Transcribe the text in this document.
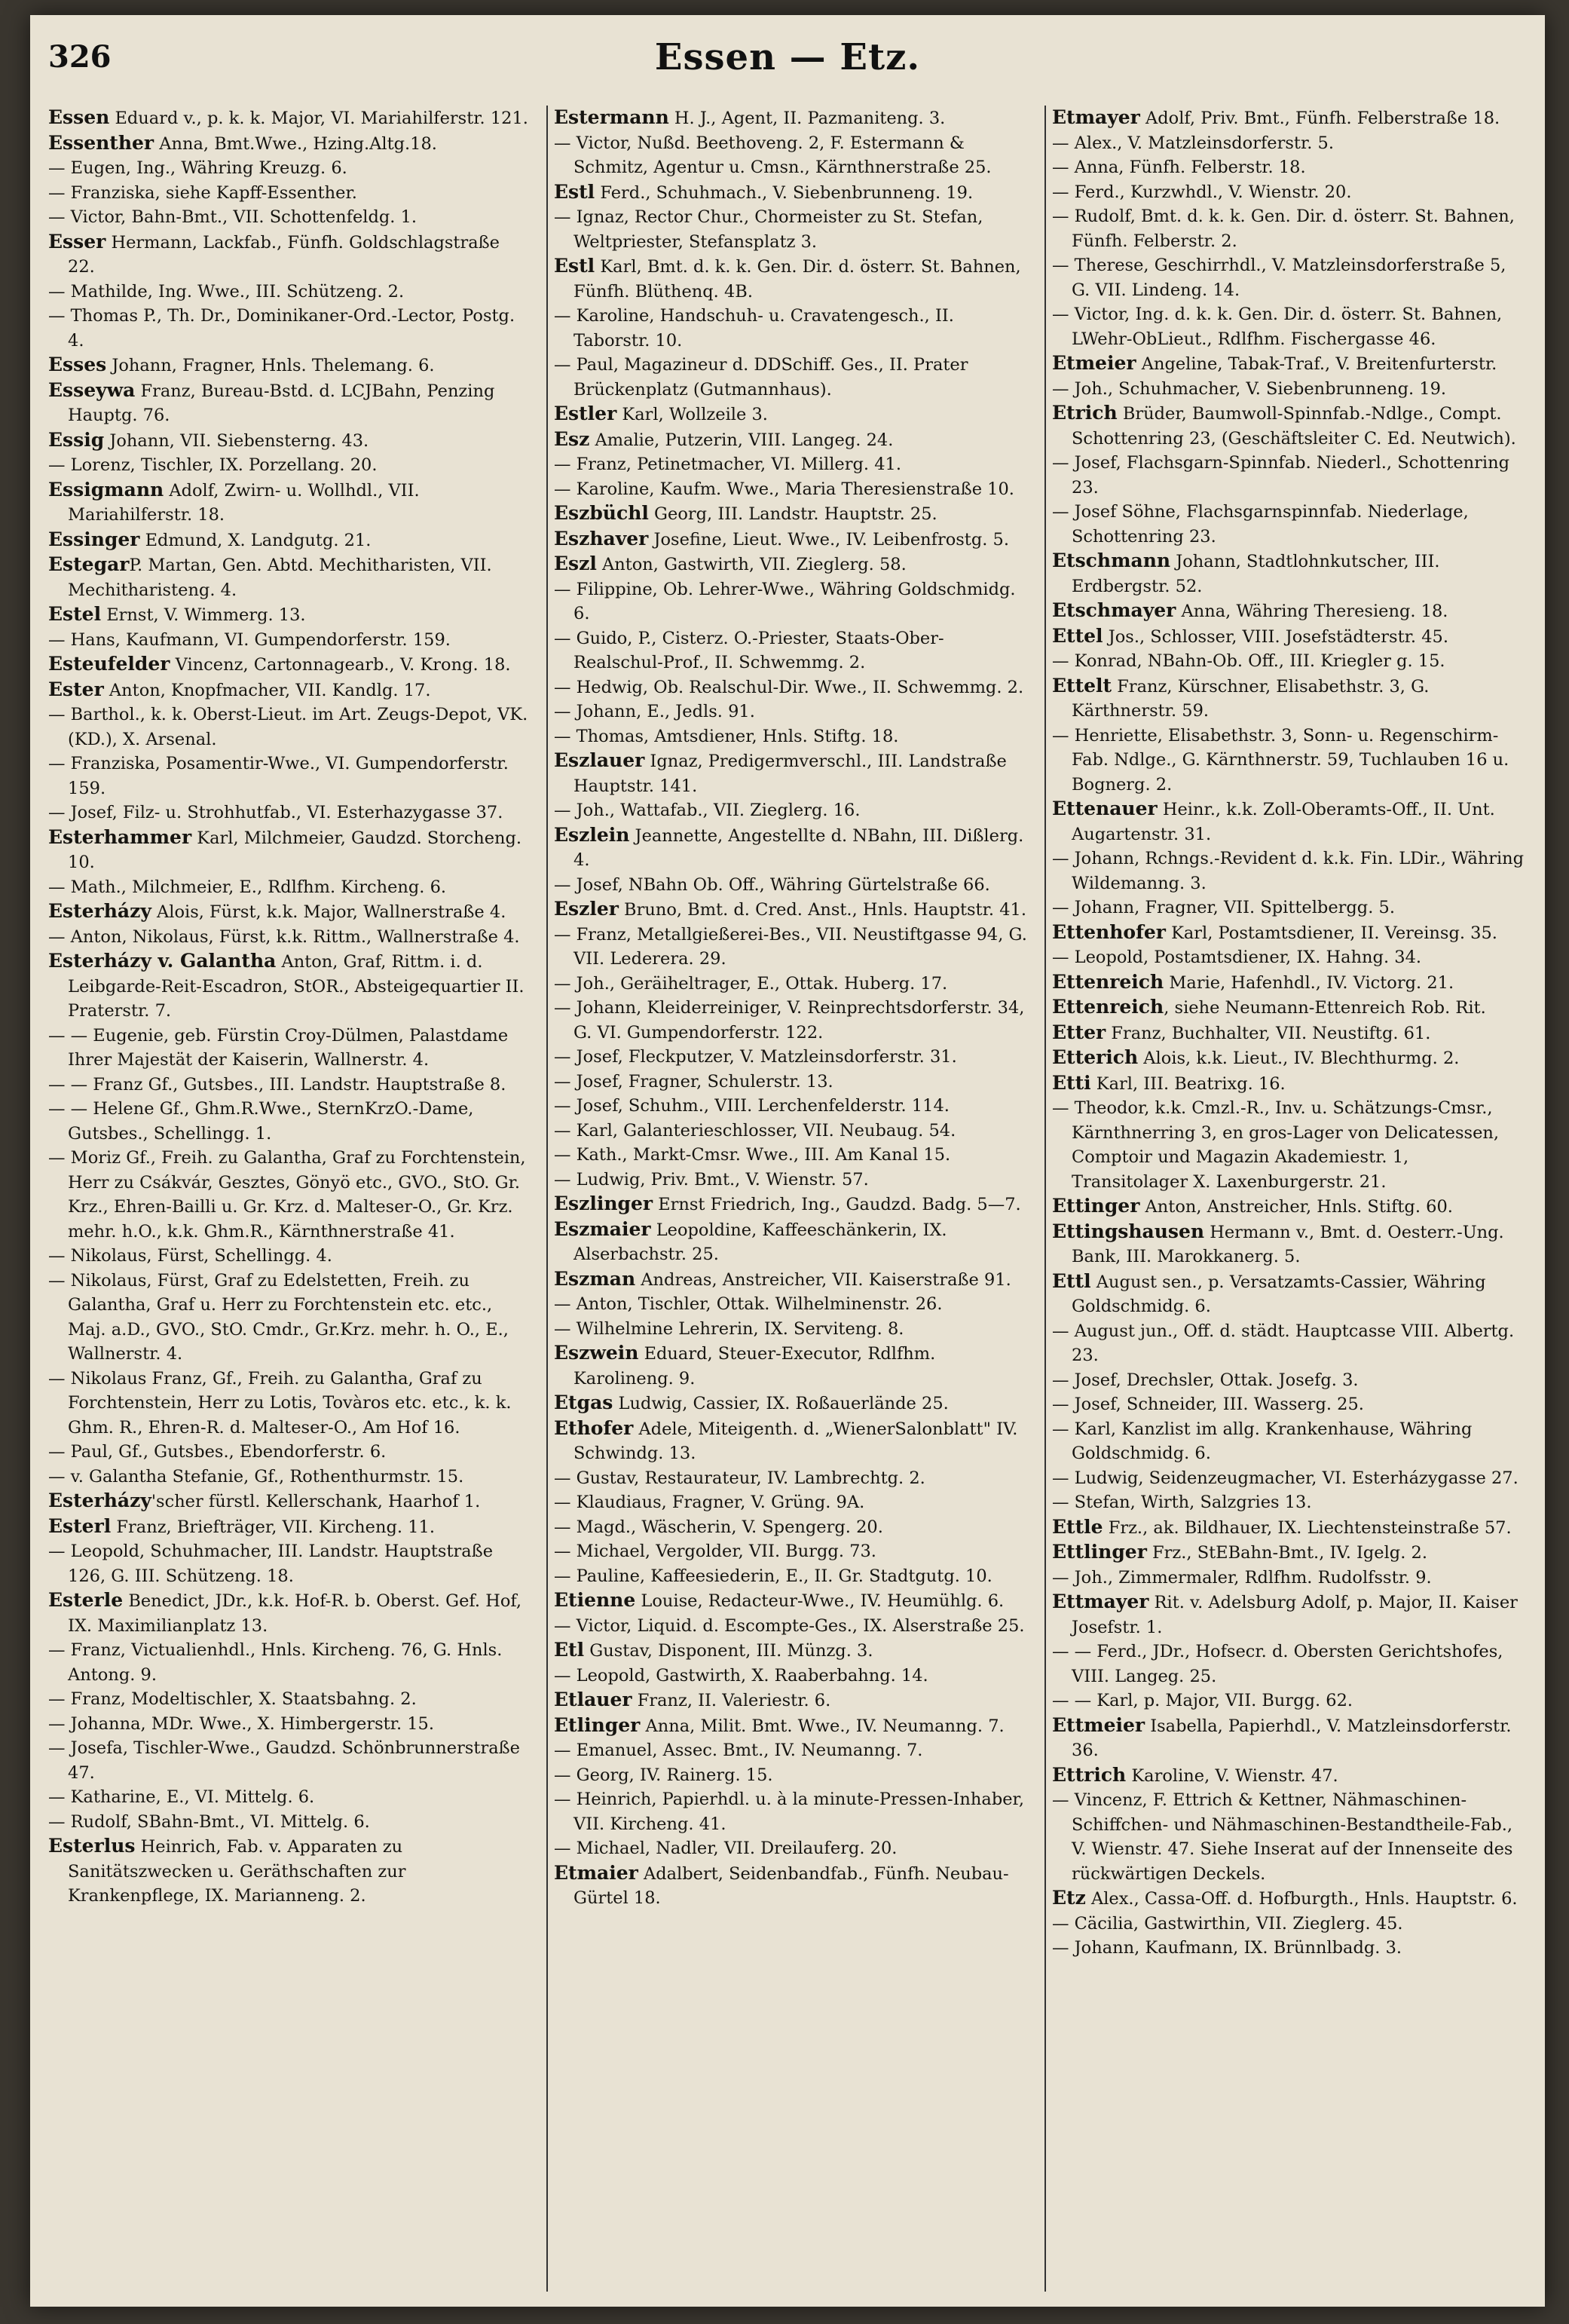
326	Essen — Etz.

Essen Eduard v., p. k. k. Major, VI. Mariahilferstr. 121.

Essenther Anna, Bmt.Wwe., Hzing.Altg.18.

— Eugen, Ing., Währing Kreuzg. 6.

— Franziska, siehe Kapff-Essenther.

— Victor, Bahn-Bmt., VII. Schottenfeldg. 1.

Esser Hermann, Lackfab., Fünfh. Goldschlagstraße 22.

— Mathilde, Ing. Wwe., III. Schützeng. 2.

— Thomas P., Th. Dr., Dominikaner-Ord.-Lector, Postg. 4.

Esses Johann, Fragner, Hnls. Thelemang. 6.

Esseywa Franz, Bureau-Bstd. d. LCJBahn, Penzing Hauptg. 76.

Essig Johann, VII. Siebensterng. 43.

— Lorenz, Tischler, IX. Porzellang. 20.

Essigmann Adolf, Zwirn- u. Wollhdl., VII. Mariahilferstr. 18.

Essinger Edmund, X. Landgutg. 21.

EstegarP. Martan, Gen. Abtd. Mechitharisten, VII. Mechitharisteng. 4.

Estel Ernst, V. Wimmerg. 13.

— Hans, Kaufmann, VI. Gumpendorferstr. 159.

Esteufelder Vincenz, Cartonnagearb., V. Krong. 18.

Ester Anton, Knopfmacher, VII. Kandlg. 17.

— Barthol., k. k. Oberst-Lieut. im Art. Zeugs-Depot, VK. (KD.), X. Arsenal.

— Franziska, Posamentir-Wwe., VI. Gumpendorferstr. 159.

— Josef, Filz- u. Strohhutfab., VI. Esterhazygasse 37.

Esterhammer Karl, Milchmeier, Gaudzd. Storcheng. 10.

— Math., Milchmeier, E., Rdlfhm. Kircheng. 6.

Esterházy Alois, Fürst, k.k. Major, Wallnerstraße 4.

— Anton, Nikolaus, Fürst, k.k. Rittm., Wallnerstraße 4.

Esterházy v. Galantha Anton, Graf, Rittm. i. d. Leibgarde-Reit-Escadron, StOR., Absteigequartier II. Praterstr. 7.

— — Eugenie, geb. Fürstin Croy-Dülmen, Palastdame Ihrer Majestät der Kaiserin, Wallnerstr. 4.

— — Franz Gf., Gutsbes., III. Landstr. Hauptstraße 8.

— — Helene Gf., Ghm.R.Wwe., SternKrzO.-Dame, Gutsbes., Schellingg. 1.

— Moriz Gf., Freih. zu Galantha, Graf zu Forchtenstein, Herr zu Csákvár, Gesztes, Gönyö etc., GVO., StO. Gr. Krz., Ehren-Bailli u. Gr. Krz. d. Malteser-O., Gr. Krz. mehr. h.O., k.k. Ghm.R., Kärnthnerstraße 41.

— Nikolaus, Fürst, Schellingg. 4.

— Nikolaus, Fürst, Graf zu Edelstetten, Freih. zu Galantha, Graf u. Herr zu Forchtenstein etc. etc., Maj. a.D., GVO., StO. Cmdr., Gr.Krz. mehr. h. O., E., Wallnerstr. 4.

— Nikolaus Franz, Gf., Freih. zu Galantha, Graf zu Forchtenstein, Herr zu Lotis, Tovàros etc. etc., k. k. Ghm. R., Ehren-R. d. Malteser-O., Am Hof 16.

— Paul, Gf., Gutsbes., Ebendorferstr. 6.

— v. Galantha Stefanie, Gf., Rothenthurmstr. 15.

Esterházy'scher fürstl. Kellerschank, Haarhof 1.

Esterl Franz, Briefträger, VII. Kircheng. 11.

— Leopold, Schuhmacher, III. Landstr. Hauptstraße 126, G. III. Schützeng. 18.

Esterle Benedict, JDr., k.k. Hof-R. b. Oberst. Gef. Hof, IX. Maximilianplatz 13.

— Franz, Victualienhdl., Hnls. Kircheng. 76, G. Hnls. Antong. 9.

— Franz, Modeltischler, X. Staatsbahng. 2.

— Johanna, MDr. Wwe., X. Himbergerstr. 15.

— Josefa, Tischler-Wwe., Gaudzd. Schönbrunnerstraße 47.

— Katharine, E., VI. Mittelg. 6.

— Rudolf, SBahn-Bmt., VI. Mittelg. 6.

Esterlus Heinrich, Fab. v. Apparaten zu Sanitätszwecken u. Geräthschaften zur Krankenpflege, IX. Marianneng. 2.

Estermann H. J., Agent, II. Pazmaniteng. 3.

— Victor, Nußd. Beethoveng. 2, F. Estermann & Schmitz, Agentur u. Cmsn., Kärnthnerstraße 25.

Estl Ferd., Schuhmach., V. Siebenbrunneng. 19.

— Ignaz, Rector Chur., Chormeister zu St. Stefan, Weltpriester, Stefansplatz 3.

Estl Karl, Bmt. d. k. k. Gen. Dir. d. österr. St. Bahnen, Fünfh. Blüthenq. 4B.

— Karoline, Handschuh- u. Cravatengesch., II. Taborstr. 10.

— Paul, Magazineur d. DDSchiff. Ges., II. Prater Brückenplatz (Gutmannhaus).

Estler Karl, Wollzeile 3.

Esz Amalie, Putzerin, VIII. Langeg. 24.

— Franz, Petinetmacher, VI. Millerg. 41.

— Karoline, Kaufm. Wwe., Maria Theresienstraße 10.

Eszbüchl Georg, III. Landstr. Hauptstr. 25.

Eszhaver Josefine, Lieut. Wwe., IV. Leibenfrostg. 5.

Eszl Anton, Gastwirth, VII. Zieglerg. 58.

— Filippine, Ob. Lehrer-Wwe., Währing Goldschmidg. 6.

— Guido, P., Cisterz. O.-Priester, Staats-Ober-Realschul-Prof., II. Schwemmg. 2.

— Hedwig, Ob. Realschul-Dir. Wwe., II. Schwemmg. 2.

— Johann, E., Jedls. 91.

— Thomas, Amtsdiener, Hnls. Stiftg. 18.

Eszlauer Ignaz, Predigermverschl., III. Landstraße Hauptstr. 141.

— Joh., Wattafab., VII. Zieglerg. 16.

Eszlein Jeannette, Angestellte d. NBahn, III. Dißlerg. 4.

— Josef, NBahn Ob. Off., Währing Gürtelstraße 66.

Eszler Bruno, Bmt. d. Cred. Anst., Hnls. Hauptstr. 41.

— Franz, Metallgießerei-Bes., VII. Neustiftgasse 94, G. VII. Lederera. 29.

— Joh., Geräiheltrager, E., Ottak. Huberg. 17.

— Johann, Kleiderreiniger, V. Reinprechtsdorferstr. 34, G. VI. Gumpendorferstr. 122.

— Josef, Fleckputzer, V. Matzleinsdorferstr. 31.

— Josef, Fragner, Schulerstr. 13.

— Josef, Schuhm., VIII. Lerchenfelderstr. 114.

— Karl, Galanterieschlosser, VII. Neubaug. 54.

— Kath., Markt-Cmsr. Wwe., III. Am Kanal 15.

— Ludwig, Priv. Bmt., V. Wienstr. 57.

Eszlinger Ernst Friedrich, Ing., Gaudzd. Badg. 5—7.

Eszmaier Leopoldine, Kaffeeschänkerin, IX. Alserbachstr. 25.

Eszman Andreas, Anstreicher, VII. Kaiserstraße 91.

— Anton, Tischler, Ottak. Wilhelminenstr. 26.

— Wilhelmine Lehrerin, IX. Serviteng. 8.

Eszwein Eduard, Steuer-Executor, Rdlfhm. Karolineng. 9.

Etgas Ludwig, Cassier, IX. Roßauerlände 25.

Ethofer Adele, Miteigenth. d. „WienerSalonblatt" IV. Schwindg. 13.

— Gustav, Restaurateur, IV. Lambrechtg. 2.

— Klaudiaus, Fragner, V. Grüng. 9A.

— Magd., Wäscherin, V. Spengerg. 20.

— Michael, Vergolder, VII. Burgg. 73.

— Pauline, Kaffeesiederin, E., II. Gr. Stadtgutg. 10.

Etienne Louise, Redacteur-Wwe., IV. Heumühlg. 6.

— Victor, Liquid. d. Escompte-Ges., IX. Alserstraße 25.

Etl Gustav, Disponent, III. Münzg. 3.

— Leopold, Gastwirth, X. Raaberbahng. 14.

Etlauer Franz, II. Valeriestr. 6.

Etlinger Anna, Milit. Bmt. Wwe., IV. Neumanng. 7.

— Emanuel, Assec. Bmt., IV. Neumanng. 7.

— Georg, IV. Rainerg. 15.

— Heinrich, Papierhdl. u. à la minute-Pressen-Inhaber, VII. Kircheng. 41.

— Michael, Nadler, VII. Dreilauferg. 20.

Etmaier Adalbert, Seidenbandfab., Fünfh. Neubau-Gürtel 18.

Etmayer Adolf, Priv. Bmt., Fünfh. Felberstraße 18.

— Alex., V. Matzleinsdorferstr. 5.

— Anna, Fünfh. Felberstr. 18.

— Ferd., Kurzwhdl., V. Wienstr. 20.

— Rudolf, Bmt. d. k. k. Gen. Dir. d. österr. St. Bahnen, Fünfh. Felberstr. 2.

— Therese, Geschirrhdl., V. Matzleinsdorferstraße 5, G. VII. Lindeng. 14.

— Victor, Ing. d. k. k. Gen. Dir. d. österr. St. Bahnen, LWehr-ObLieut., Rdlfhm. Fischergasse 46.

Etmeier Angeline, Tabak-Traf., V. Breitenfurterstr.

— Joh., Schuhmacher, V. Siebenbrunneng. 19.

Etrich Brüder, Baumwoll-Spinnfab.-Ndlge., Compt. Schottenring 23, (Geschäftsleiter C. Ed. Neutwich).

— Josef, Flachsgarn-Spinnfab. Niederl., Schottenring 23.

— Josef Söhne, Flachsgarnspinnfab. Niederlage, Schottenring 23.

Etschmann Johann, Stadtlohnkutscher, III. Erdbergstr. 52.

Etschmayer Anna, Währing Theresieng. 18.

Ettel Jos., Schlosser, VIII. Josefstädterstr. 45.

— Konrad, NBahn-Ob. Off., III. Kriegler g. 15.

Ettelt Franz, Kürschner, Elisabethstr. 3, G. Kärthnerstr. 59.

— Henriette, Elisabethstr. 3, Sonn- u. Regenschirm-Fab. Ndlge., G. Kärnthnerstr. 59, Tuchlauben 16 u. Bognerg. 2.

Ettenauer Heinr., k.k. Zoll-Oberamts-Off., II. Unt. Augartenstr. 31.

— Johann, Rchngs.-Revident d. k.k. Fin. LDir., Währing Wildemanng. 3.

— Johann, Fragner, VII. Spittelbergg. 5.

Ettenhofer Karl, Postamtsdiener, II. Vereinsg. 35.

— Leopold, Postamtsdiener, IX. Hahng. 34.

Ettenreich Marie, Hafenhdl., IV. Victorg. 21.

Ettenreich, siehe Neumann-Ettenreich Rob. Rit.

Etter Franz, Buchhalter, VII. Neustiftg. 61.

Etterich Alois, k.k. Lieut., IV. Blechthurmg. 2.

Etti Karl, III. Beatrixg. 16.

— Theodor, k.k. Cmzl.-R., Inv. u. Schätzungs-Cmsr., Kärnthnerring 3, en gros-Lager von Delicatessen, Comptoir und Magazin Akademiestr. 1, Transitolager X. Laxenburgerstr. 21.

Ettinger Anton, Anstreicher, Hnls. Stiftg. 60.

Ettingshausen Hermann v., Bmt. d. Oesterr.-Ung. Bank, III. Marokkanerg. 5.

Ettl August sen., p. Versatzamts-Cassier, Währing Goldschmidg. 6.

— August jun., Off. d. städt. Hauptcasse VIII. Albertg. 23.

— Josef, Drechsler, Ottak. Josefg. 3.

— Josef, Schneider, III. Wasserg. 25.

— Karl, Kanzlist im allg. Krankenhause, Währing Goldschmidg. 6.

— Ludwig, Seidenzeugmacher, VI. Esterházygasse 27.

— Stefan, Wirth, Salzgries 13.

Ettle Frz., ak. Bildhauer, IX. Liechtensteinstraße 57.

Ettlinger Frz., StEBahn-Bmt., IV. Igelg. 2.

— Joh., Zimmermaler, Rdlfhm. Rudolfsstr. 9.

Ettmayer Rit. v. Adelsburg Adolf, p. Major, II. Kaiser Josefstr. 1.

— — Ferd., JDr., Hofsecr. d. Obersten Gerichtshofes, VIII. Langeg. 25.

— — Karl, p. Major, VII. Burgg. 62.

Ettmeier Isabella, Papierhdl., V. Matzleinsdorferstr. 36.

Ettrich Karoline, V. Wienstr. 47.

— Vincenz, F. Ettrich & Kettner, Nähmaschinen-Schiffchen- und Nähmaschinen-Bestandtheile-Fab., V. Wienstr. 47. Siehe Inserat auf der Innenseite des rückwärtigen Deckels.

Etz Alex., Cassa-Off. d. Hofburgth., Hnls. Hauptstr. 6.

— Cäcilia, Gastwirthin, VII. Zieglerg. 45.

— Johann, Kaufmann, IX. Brünnlbadg. 3.
